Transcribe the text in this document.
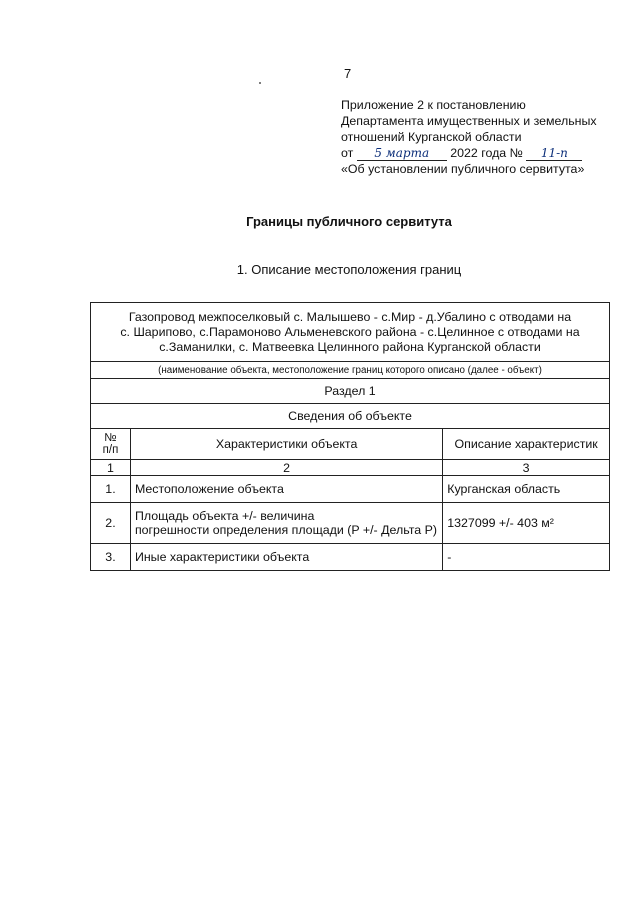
7
Приложение 2 к постановлению
Департамента имущественных и земельных
отношений Курганской области
от 5 марта 2022 года № 11-п
«Об установлении публичного сервитута»
Границы публичного сервитута
1. Описание местоположения границ
Газопровод межпоселковый с. Малышево - с.Мир - д.Убалино с отводами на
с. Шарипово, с.Парамоново Альменевского района - с.Целинное с отводами на
с.Заманилки, с. Матвеевка Целинного района Курганской области		

(наименование объекта, местоположение границ которого описано (далее - объект)		
Раздел 1		
Сведения об объекте		

№
п/п	Характеристики объекта	Описание характеристик
1	2	3
1.	Местоположение объекта	Курганская область
2.	Площадь объекта +/- величина
погрешности определения площади (P +/- Дельта P)	1327099 +/- 403 м²
3.	Иные характеристики объекта	-
